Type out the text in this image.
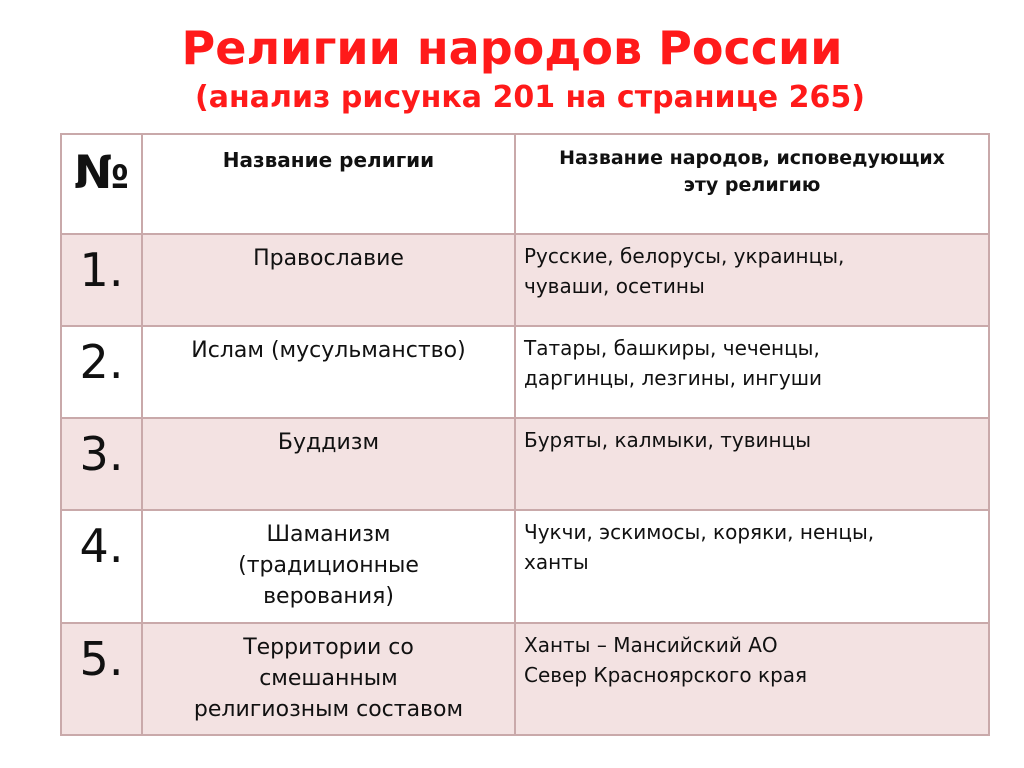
Религии народов России
(анализ рисунка 201 на странице 265)
№	Название религии	Название народов, исповедующих
эту религию

1.	Православие	Русские, белорусы, украинцы,
чуваши, осетины

2.	Ислам (мусульманство)	Татары, башкиры, чеченцы,
даргинцы, лезгины, ингуши

3.	Буддизм	Буряты, калмыки, тувинцы

4.	Шаманизм
(традиционные
верования)	Чукчи, эскимосы, коряки, ненцы,
ханты

5.	Территории со
смешанным
религиозным составом	Ханты – Мансийский АО
Север Красноярского края
